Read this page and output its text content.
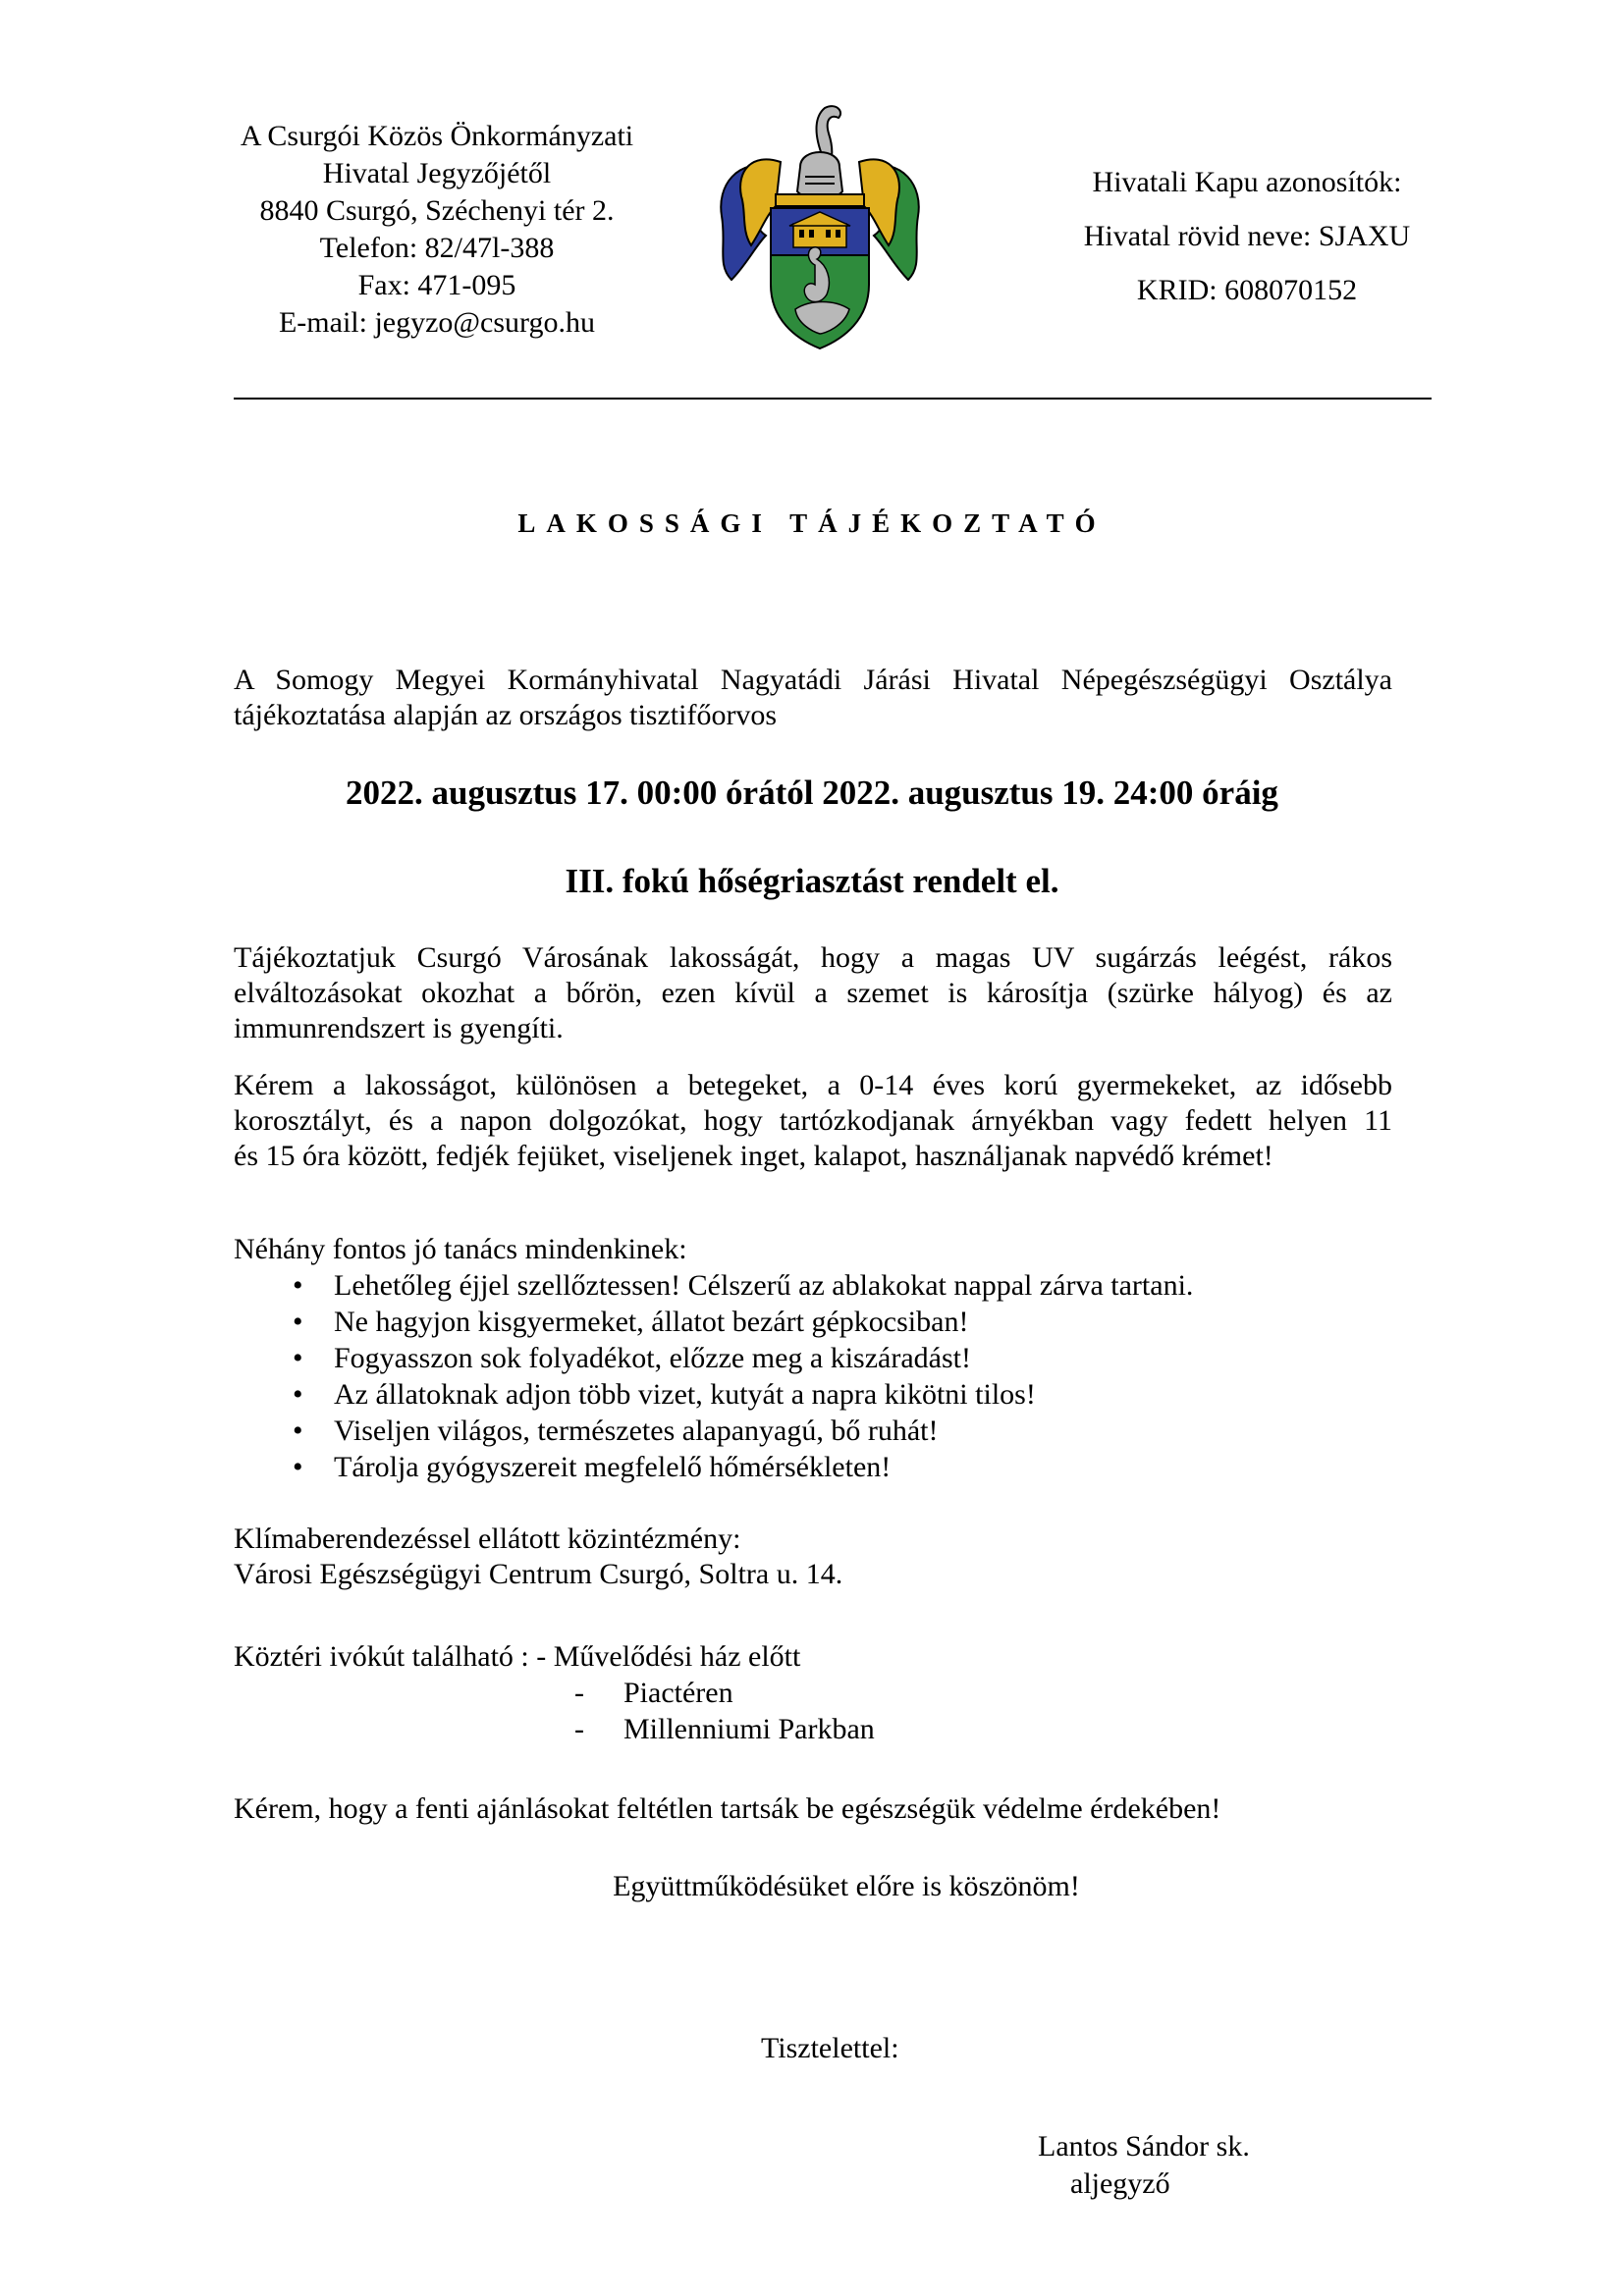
A Csurgói Közös Önkormányzati
Hivatal Jegyzőjétől
8840 Csurgó, Széchenyi tér 2.
Telefon: 82/47l-388
Fax: 471-095
E-mail: jegyzo@csurgo.hu
Hivatali Kapu azonosítók:
Hivatal rövid neve: SJAXU
KRID: 608070152
LAKOSSÁGI TÁJÉKOZTATÓ
A Somogy Megyei Kormányhivatal Nagyatádi Járási Hivatal Népegészségügyi Osztálya
tájékoztatása alapján az országos tisztifőorvos
2022. augusztus 17. 00:00 órától 2022. augusztus 19. 24:00 óráig
III. fokú hőségriasztást rendelt el.
Tájékoztatjuk Csurgó Városának lakosságát, hogy a magas UV sugárzás leégést, rákos
elváltozásokat okozhat a bőrön, ezen kívül a szemet is károsítja (szürke hályog) és az
immunrendszert is gyengíti.
Kérem a lakosságot, különösen a betegeket, a 0-14 éves korú gyermekeket, az idősebb
korosztályt, és a napon dolgozókat, hogy tartózkodjanak árnyékban vagy fedett helyen 11
és 15 óra között, fedjék fejüket, viseljenek inget, kalapot, használjanak napvédő krémet!
Néhány fontos jó tanács mindenkinek:
• Lehetőleg éjjel szellőztessen! Célszerű az ablakokat nappal zárva tartani.
• Ne hagyjon kisgyermeket, állatot bezárt gépkocsiban!
• Fogyasszon sok folyadékot, előzze meg a kiszáradást!
• Az állatoknak adjon több vizet, kutyát a napra kikötni tilos!
• Viseljen világos, természetes alapanyagú, bő ruhát!
• Tárolja gyógyszereit megfelelő hőmérsékleten!
Klímaberendezéssel ellátott közintézmény:
Városi Egészségügyi Centrum Csurgó, Soltra u. 14.
Köztéri ivókút található : - Művelődési ház előtt
- Piactéren
- Millenniumi Parkban
Kérem, hogy a fenti ajánlásokat feltétlen tartsák be egészségük védelme érdekében!
Együttműködésüket előre is köszönöm!
Tisztelettel:
Lantos Sándor sk.
aljegyző
